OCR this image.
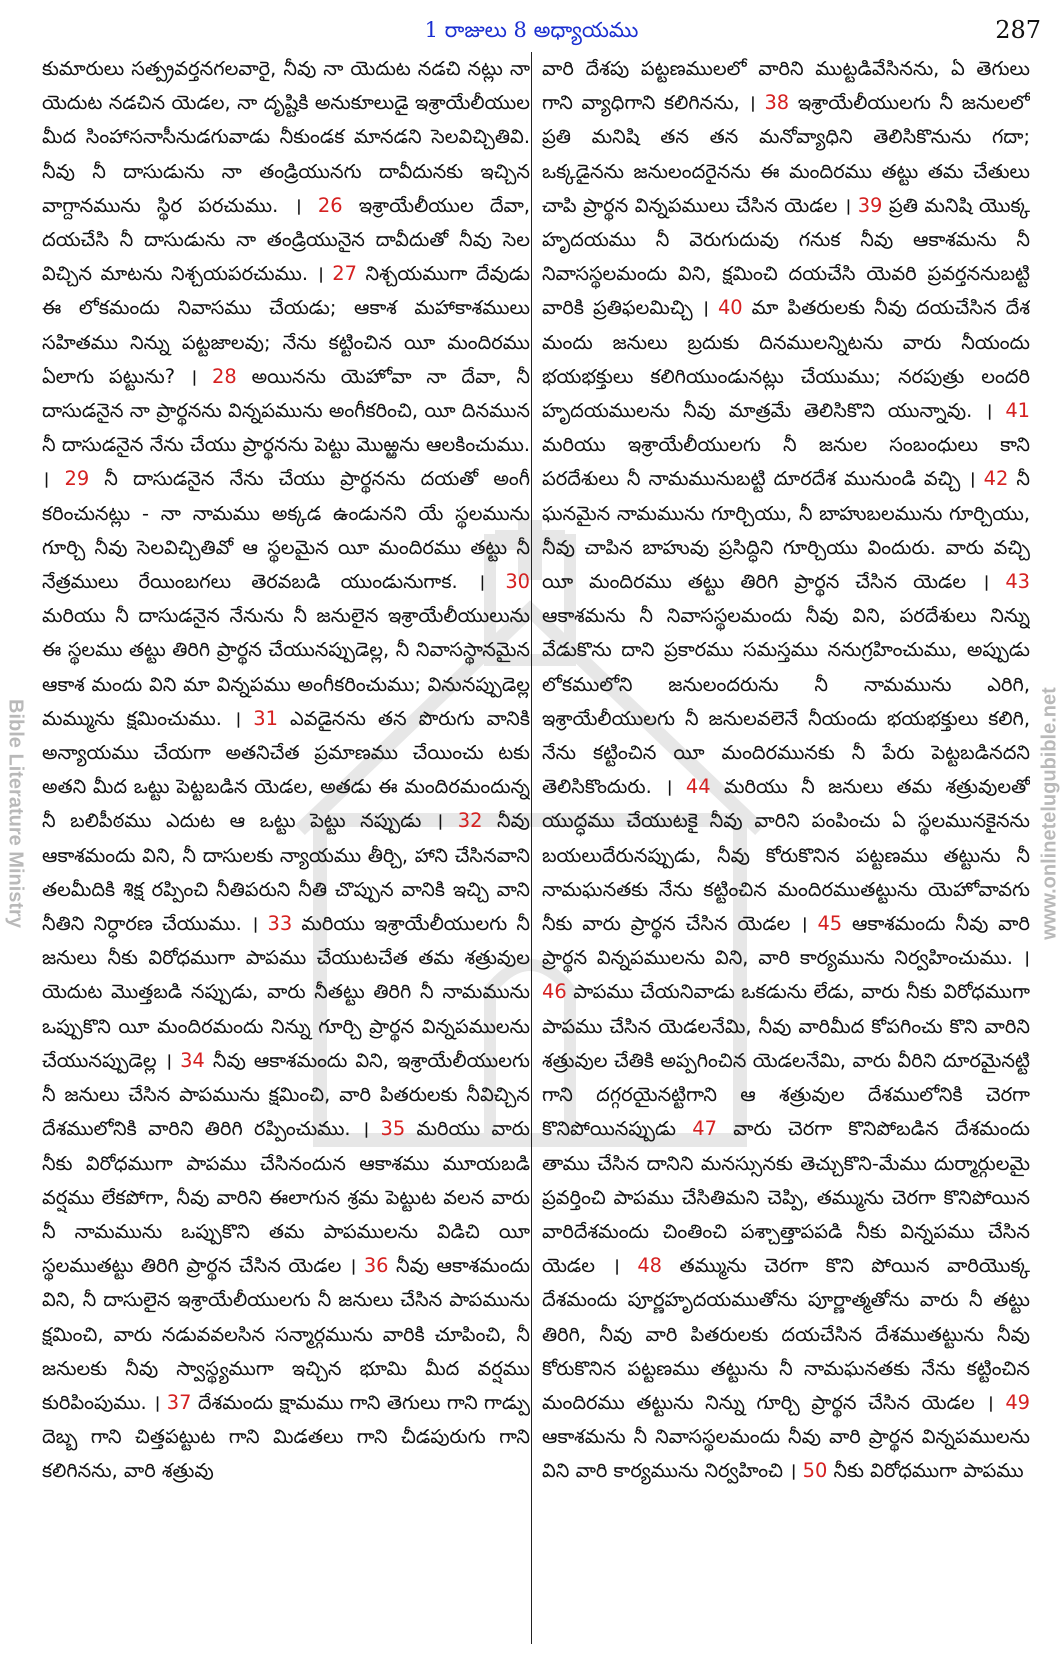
1 రాజులు 8 అధ్యాయము	287
Bible Literature Ministry	www.onlinetelugubible.net
కుమారులు సత్ప్రవర్తనగలవారై, నీవు నా యెదుట నడచి నట్లు నా యెదుట నడచిన యెడల, నా దృష్టికి అనుకూలుడై ఇశ్రాయేలీయుల మీద సింహాసనాసీనుడగువాడు నీకుండక మానడని సెలవిచ్చితివి. నీవు నీ దాసుడును నా తండ్రియునగు దావీదునకు ఇచ్చిన వాగ్దానమును స్థిర పరచుము. । 26 ఇశ్రాయేలీయుల దేవా, దయచేసి నీ దాసుడును నా తండ్రియునైన దావీదుతో నీవు సెల విచ్చిన మాటను నిశ్చయపరచుము. । 27 నిశ్చయముగా దేవుడు ఈ లోకమందు నివాసము చేయడు; ఆకాశ మహాకాశములు సహితము నిన్ను పట్టజాలవు; నేను కట్టించిన యీ మందిరము ఏలాగు పట్టును? । 28 అయినను యెహోవా నా దేవా, నీ దాసుడనైన నా ప్రార్థనను విన్నపమును అంగీకరించి, యీ దినమున నీ దాసుడనైన నేను చేయు ప్రార్థనను పెట్టు మొఱ్ఱను ఆలకించుము. । 29 నీ దాసుడనైన నేను చేయు ప్రార్థనను దయతో అంగీ కరించునట్లు - నా నామము అక్కడ ఉండునని యే స్థలమును గూర్చి నీవు సెలవిచ్చితివో ఆ స్థలమైన యీ మందిరము తట్టు నీ నేత్రములు రేయింబగలు తెరవబడి యుండునుగాక. । 30 మరియు నీ దాసుడనైన నేనును నీ జనులైన ఇశ్రాయేలీయులును ఈ స్థలము తట్టు తిరిగి ప్రార్థన చేయునప్పుడెల్ల, నీ నివాసస్థానమైన ఆకాశ మందు విని మా విన్నపము అంగీకరించుము; వినునప్పుడెల్ల మమ్మును క్షమించుము. । 31 ఎవడైనను తన పొరుగు వానికి అన్యాయము చేయగా అతనిచేత ప్రమాణము చేయించు టకు అతని మీద ఒట్టు పెట్టబడిన యెడల, అతడు ఈ మందిరమందున్న నీ బలిపీఠము ఎదుట ఆ ఒట్టు పెట్టు నప్పుడు । 32 నీవు ఆకాశమందు విని, నీ దాసులకు న్యాయము తీర్చి, హాని చేసినవాని తలమీదికి శిక్ష రప్పించి నీతిపరుని నీతి చొప్పున వానికి ఇచ్చి వాని నీతిని నిర్ధారణ చేయుము. । 33 మరియు ఇశ్రాయేలీయులగు నీ జనులు నీకు విరోధముగా పాపము చేయుటచేత తమ శత్రువుల యెదుట మొత్తబడి నప్పుడు, వారు నీతట్టు తిరిగి నీ నామమును ఒప్పుకొని యీ మందిరమందు నిన్ను గూర్చి ప్రార్థన విన్నపములను చేయునప్పుడెల్ల । 34 నీవు ఆకాశమందు విని, ఇశ్రాయేలీయులగు నీ జనులు చేసిన పాపమును క్షమించి, వారి పితరులకు నీవిచ్చిన దేశములోనికి వారిని తిరిగి రప్పించుము. । 35 మరియు వారు నీకు విరోధముగా పాపము చేసినందున ఆకాశము మూయబడి వర్షము లేకపోగా, నీవు వారిని ఈలాగున శ్రమ పెట్టుట వలన వారు నీ నామమును ఒప్పుకొని తమ పాపములను విడిచి యీ స్థలముతట్టు తిరిగి ప్రార్థన చేసిన యెడల । 36 నీవు ఆకాశమందు విని, నీ దాసులైన ఇశ్రాయేలీయులగు నీ జనులు చేసిన పాపమును క్షమించి, వారు నడువవలసిన సన్మార్గమును వారికి చూపించి, నీ జనులకు నీవు స్వాస్థ్యముగా ఇచ్చిన భూమి మీద వర్షము కురిపింపుము. । 37 దేశమందు క్షామము గాని తెగులు గాని గాడ్పు దెబ్బ గాని చిత్తపట్టుట గాని మిడతలు గాని చీడపురుగు గాని కలిగినను, వారి శత్రువు
వారి దేశపు పట్టణములలో వారిని ముట్టడివేసినను, ఏ తెగులు గాని వ్యాధిగాని కలిగినను, । 38 ఇశ్రాయేలీయులగు నీ జనులలో ప్రతి మనిషి తన తన మనోవ్యాధిని తెలిసికొనును గదా; ఒక్కడైనను జనులందరైనను ఈ మందిరము తట్టు తమ చేతులు చాపి ప్రార్థన విన్నపములు చేసిన యెడల । 39 ప్రతి మనిషి యొక్క హృదయము నీ వెరుగుదువు గనుక నీవు ఆకాశమను నీ నివాసస్థలమందు విని, క్షమించి దయచేసి యెవరి ప్రవర్తననుబట్టి వారికి ప్రతిఫలమిచ్చి । 40 మా పితరులకు నీవు దయచేసిన దేశ మందు జనులు బ్రదుకు దినములన్నిటను వారు నీయందు భయభక్తులు కలిగియుండునట్లు చేయుము; నరపుత్రు లందరి హృదయములను నీవు మాత్రమే తెలిసికొని యున్నావు. । 41 మరియు ఇశ్రాయేలీయులగు నీ జనుల సంబంధులు కాని పరదేశులు నీ నామమునుబట్టి దూరదేశ మునుండి వచ్చి । 42 నీ ఘనమైన నామమును గూర్చియు, నీ బాహుబలమును గూర్చియు, నీవు చాపిన బాహువు ప్రసిద్ధిని గూర్చియు విందురు. వారు వచ్చి యీ మందిరము తట్టు తిరిగి ప్రార్థన చేసిన యెడల । 43 ఆకాశమను నీ నివాసస్థలమందు నీవు విని, పరదేశులు నిన్ను వేడుకొను దాని ప్రకారము సమస్తము ననుగ్రహించుము, అప్పుడు లోకములోని జనులందరును నీ నామమును ఎరిగి, ఇశ్రాయేలీయులగు నీ జనులవలెనే నీయందు భయభక్తులు కలిగి, నేను కట్టించిన యీ మందిరమునకు నీ పేరు పెట్టబడినదని తెలిసికొందురు. । 44 మరియు నీ జనులు తమ శత్రువులతో యుద్ధము చేయుటకై నీవు వారిని పంపించు ఏ స్థలమునకైనను బయలుదేరునప్పుడు, నీవు కోరుకొనిన పట్టణము తట్టును నీ నామఘనతకు నేను కట్టించిన మందిరముతట్టును యెహోవావగు నీకు వారు ప్రార్థన చేసిన యెడల । 45 ఆకాశమందు నీవు వారి ప్రార్థన విన్నపములను విని, వారి కార్యమును నిర్వహించుము. । 46 పాపము చేయనివాడు ఒకడును లేడు, వారు నీకు విరోధముగా పాపము చేసిన యెడలనేమి, నీవు వారిమీద కోపగించు కొని వారిని శత్రువుల చేతికి అప్పగించిన యెడలనేమి, వారు వీరిని దూరమైనట్టి గాని దగ్గరయైనట్టిగాని ఆ శత్రువుల దేశములోనికి చెరగా కొనిపోయినప్పుడు 47 వారు చెరగా కొనిపోబడిన దేశమందు తాము చేసిన దానిని మనస్సునకు తెచ్చుకొని-మేము దుర్మార్గులమై ప్రవర్తించి పాపము చేసితిమని చెప్పి, తమ్మును చెరగా కొనిపోయిన వారిదేశమందు చింతించి పశ్చాత్తాపపడి నీకు విన్నపము చేసిన యెడల । 48 తమ్మును చెరగా కొని పోయిన వారియొక్క దేశమందు పూర్ణహృదయముతోను పూర్ణాత్మతోను వారు నీ తట్టు తిరిగి, నీవు వారి పితరులకు దయచేసిన దేశముతట్టును నీవు కోరుకొనిన పట్టణము తట్టును నీ నామఘనతకు నేను కట్టించిన మందిరము తట్టును నిన్ను గూర్చి ప్రార్థన చేసిన యెడల । 49 ఆకాశమను నీ నివాసస్థలమందు నీవు వారి ప్రార్థన విన్నపములను విని వారి కార్యమును నిర్వహించి । 50 నీకు విరోధముగా పాపము
